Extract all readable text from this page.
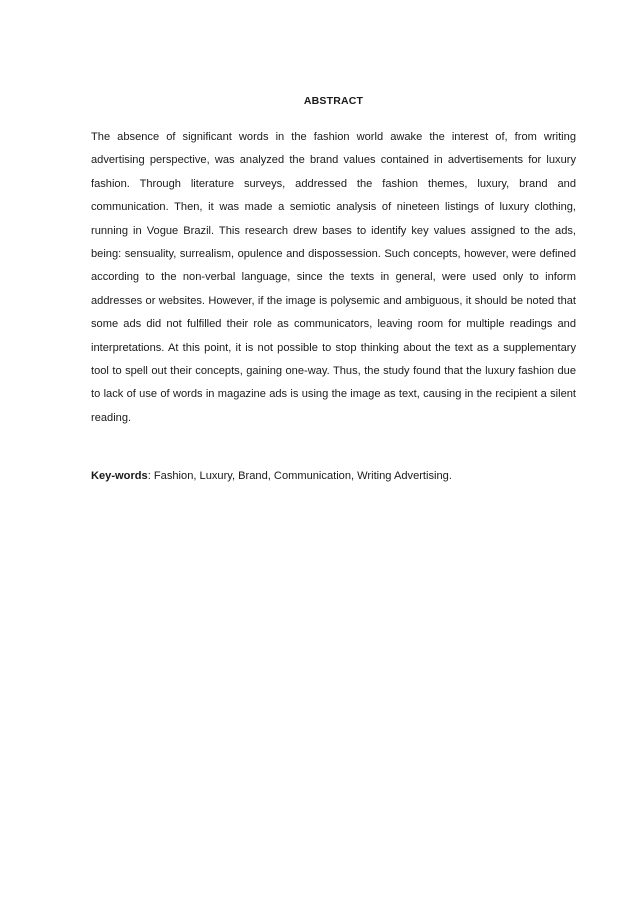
ABSTRACT

The absence of significant words in the fashion world awake the interest of, from writing advertising perspective, was analyzed the brand values contained in advertisements for luxury fashion. Through literature surveys, addressed the fashion themes, luxury, brand and communication. Then, it was made a semiotic analysis of nineteen listings of luxury clothing, running in Vogue Brazil. This research drew bases to identify key values assigned to the ads, being: sensuality, surrealism, opulence and dispossession. Such concepts, however, were defined according to the non-verbal language, since the texts in general, were used only to inform addresses or websites. However, if the image is polysemic and ambiguous, it should be noted that some ads did not fulfilled their role as communicators, leaving room for multiple readings and interpretations. At this point, it is not possible to stop thinking about the text as a supplementary tool to spell out their concepts, gaining one-way. Thus, the study found that the luxury fashion due to lack of use of words in magazine ads is using the image as text, causing in the recipient a silent reading.

Key-words: Fashion, Luxury, Brand, Communication, Writing Advertising.
